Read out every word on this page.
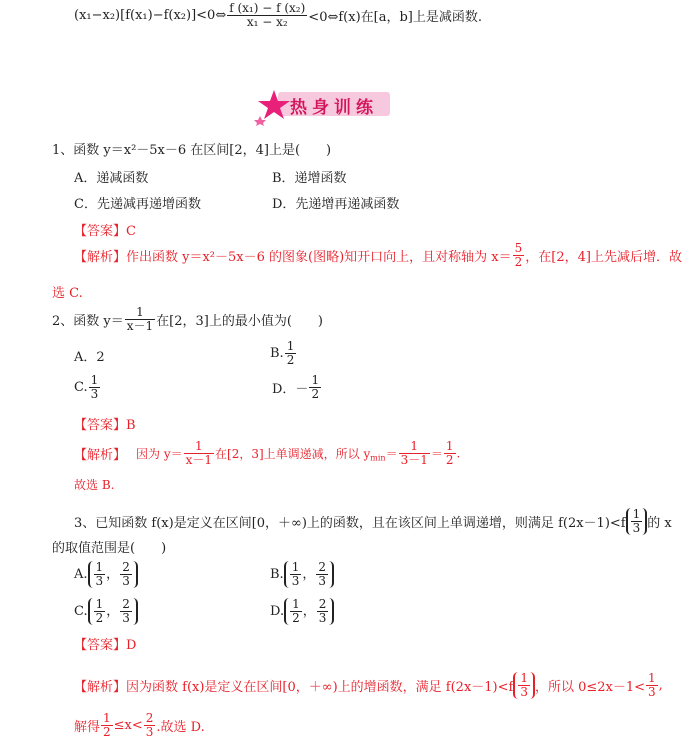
(x₁−x₂)[f(x₁)−f(x₂)]<0⇔ $\frac{\text{f (x₁) − f (x₂)}}{\text{x₁ − x₂}}$ <0⇔f(x)在[a，b]上是减函数.
热身训练
1、函数 y＝x²－5x－6 在区间[2，4]上是(　　)
A．递减函数	B．递增函数
C．先递减再递增函数	D．先递增再递减函数
【答案】C
【解析】作出函数 y＝x²－5x－6 的图象(图略)知开口向上，且对称轴为 $x= \frac{5}{2}$ ，在[2，4]上先减后增．故
选 C.
2、函数 $y= \frac{1}{x-1}$ 在[2，3]上的最小值为(　　)
A．2	B. $\frac{1}{2}$
C. $\frac{1}{3}$	D．－ $\frac{1}{2}$
【答案】B
【解析】 因为 $y= \frac{1}{x-1}$ 在[2，3]上单调递减，所以 $y_{min}= \frac{1}{3-1} = \frac{1}{2}$ .
故选 B.
3、已知函数 f(x)是定义在区间[0，＋∞)上的函数，且在该区间上单调递增，则满足 $f(2x-1)<f \frac{1}{3}$ 的 x
的取值范围是(　　)
A. $\frac{1}{3}$ ， $\frac{2}{3}$	B. $\frac{1}{3}$ ， $\frac{2}{3}$
C. $\frac{1}{2}$ ， $\frac{2}{3}$	D. $\frac{1}{2}$ ， $\frac{2}{3}$
【答案】D
【解析】因为函数 f(x)是定义在区间[0，＋∞)上的增函数，满足 $f(2x-1)<f \frac{1}{3}$ ，所以 $0\le 2x-1< \frac{1}{3}$ ,
解得 $\frac{1}{2} \le x< \frac{2}{3}$ .故选 D.
